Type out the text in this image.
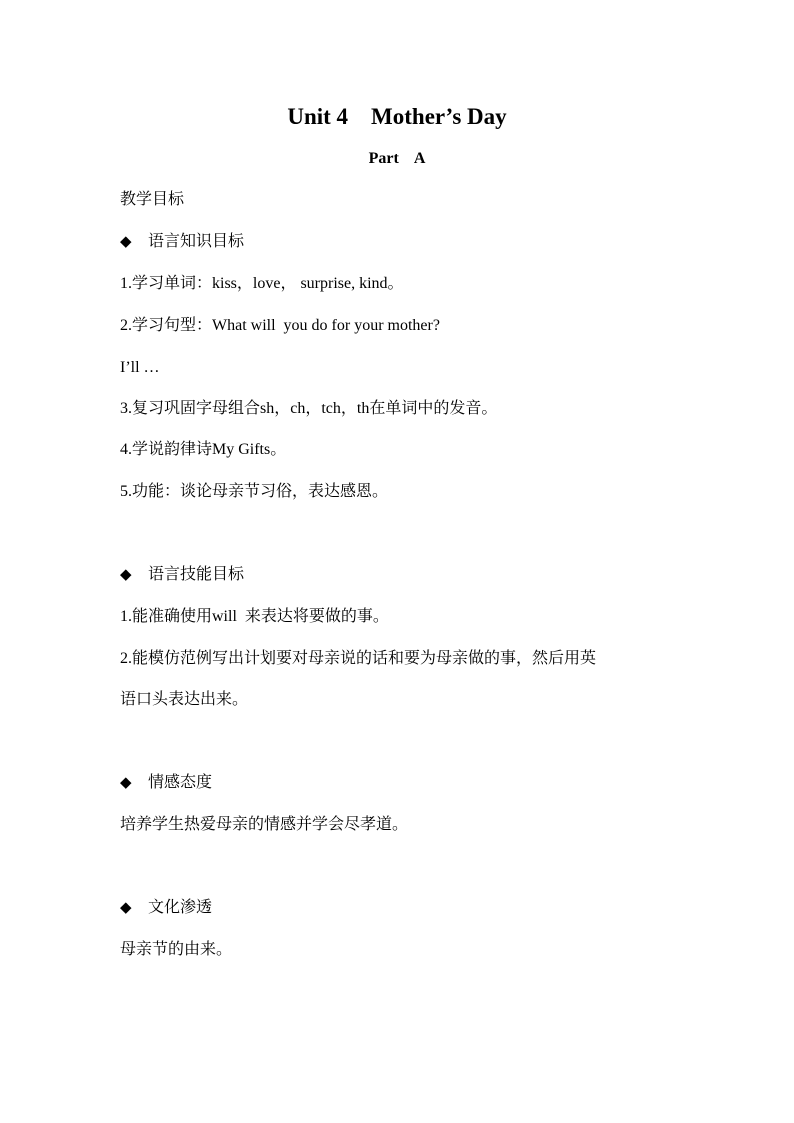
Unit 4    Mother’s Day
Part    A
教学目标
◆	语言知识目标
1.学习单词：kiss，love， surprise, kind。
2.学习句型：What will  you do for your mother?
I’ll …
3.复习巩固字母组合sh，ch，tch，th在单词中的发音。
4.学说韵律诗My Gifts。
5.功能：谈论母亲节习俗，表达感恩。
◆	语言技能目标
1.能准确使用will  来表达将要做的事。
2.能模仿范例写出计划要对母亲说的话和要为母亲做的事，然后用英
语口头表达出来。
◆	情感态度
培养学生热爱母亲的情感并学会尽孝道。
◆	文化渗透
母亲节的由来。
